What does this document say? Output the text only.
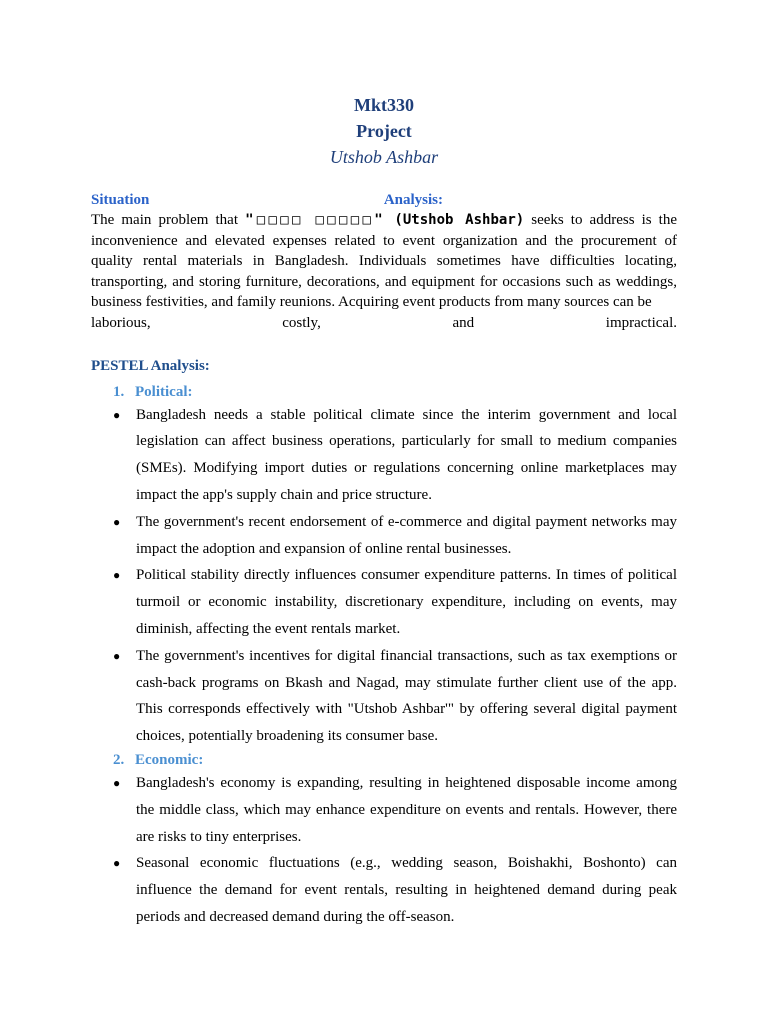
Mkt330

Project

Utshob Ashbar

Situation	Analysis:

The main problem that "□□□□ □□□□□" (Utshob Ashbar) seeks to address is the inconvenience and elevated expenses related to event organization and the procurement of quality rental materials in Bangladesh. Individuals sometimes have difficulties locating, transporting, and storing furniture, decorations, and equipment for occasions such as weddings, business festivities, and family reunions. Acquiring event products from many sources can be

laborious,	costly,	and	impractical.
PESTEL Analysis:
1. Political:
● Bangladesh needs a stable political climate since the interim government and local legislation can affect business operations, particularly for small to medium companies (SMEs). Modifying import duties or regulations concerning online marketplaces may impact the app's supply chain and price structure.
● The government's recent endorsement of e-commerce and digital payment networks may impact the adoption and expansion of online rental businesses.
● Political stability directly influences consumer expenditure patterns. In times of political turmoil or economic instability, discretionary expenditure, including on events, may diminish, affecting the event rentals market.
● The government's incentives for digital financial transactions, such as tax exemptions or cash-back programs on Bkash and Nagad, may stimulate further client use of the app. This corresponds effectively with "Utshob Ashbar'" by offering several digital payment choices, potentially broadening its consumer base.
2. Economic:
● Bangladesh's economy is expanding, resulting in heightened disposable income among the middle class, which may enhance expenditure on events and rentals. However, there are risks to tiny enterprises.
● Seasonal economic fluctuations (e.g., wedding season, Boishakhi, Boshonto) can influence the demand for event rentals, resulting in heightened demand during peak periods and decreased demand during the off-season.
